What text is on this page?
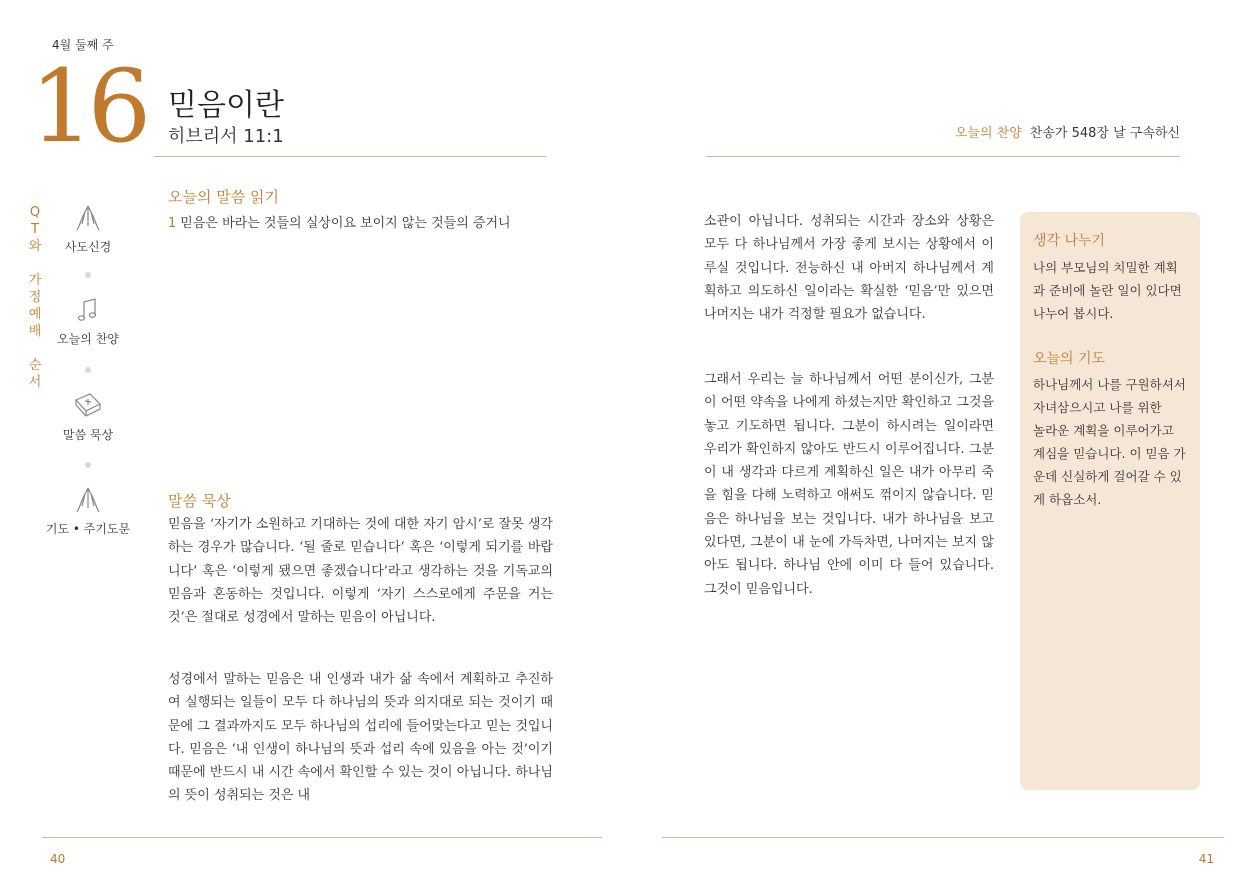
4월 둘째 주
16 믿음이란
히브리서 11:1	오늘의 찬양 찬송가 548장 날 구속하신
Q
T
와
가
정
예
배
순
서
사도신경
오늘의 찬양
말씀 묵상
기도 • 주기도문
오늘의 말씀 읽기
1 믿음은 바라는 것들의 실상이요 보이지 않는 것들의 증거니
말씀 묵상
믿음을 ‘자기가 소원하고 기대하는 것에 대한 자기 암시’로 잘못 생각하는 경우가 많습니다. ‘될 줄로 믿습니다’ 혹은 ‘이렇게 되기를 바랍니다’ 혹은 ‘이렇게 됐으면 좋겠습니다’라고 생각하는 것을 기독교의 믿음과 혼동하는 것입니다. 이렇게 ‘자기 스스로에게 주문을 거는 것’은 절대로 성경에서 말하는 믿음이 아닙니다.
성경에서 말하는 믿음은 내 인생과 내가 삶 속에서 계획하고 추진하여 실행되는 일들이 모두 다 하나님의 뜻과 의지대로 되는 것이기 때문에 그 결과까지도 모두 하나님의 섭리에 들어맞는다고 믿는 것입니다. 믿음은 ‘내 인생이 하나님의 뜻과 섭리 속에 있음을 아는 것’이기 때문에 반드시 내 시간 속에서 확인할 수 있는 것이 아닙니다. 하나님의 뜻이 성취되는 것은 내
소관이 아닙니다. 성취되는 시간과 장소와 상황은 모두 다 하나님께서 가장 좋게 보시는 상황에서 이루실 것입니다. 전능하신 내 아버지 하나님께서 계획하고 의도하신 일이라는 확실한 ‘믿음’만 있으면 나머지는 내가 걱정할 필요가 없습니다.
그래서 우리는 늘 하나님께서 어떤 분이신가, 그분이 어떤 약속을 나에게 하셨는지만 확인하고 그것을 놓고 기도하면 됩니다. 그분이 하시려는 일이라면 우리가 확인하지 않아도 반드시 이루어집니다. 그분이 내 생각과 다르게 계획하신 일은 내가 아무리 죽을 힘을 다해 노력하고 애써도 꺾이지 않습니다. 믿음은 하나님을 보는 것입니다. 내가 하나님을 보고 있다면, 그분이 내 눈에 가득차면, 나머지는 보지 않아도 됩니다. 하나님 안에 이미 다 들어 있습니다. 그것이 믿음입니다.
생각 나누기
나의 부모님의 치밀한 계획
과 준비에 놀란 일이 있다면
나누어 봅시다.
오늘의 기도
하나님께서 나를 구원하셔서
자녀삼으시고 나를 위한
놀라운 계획을 이루어가고
계심을 믿습니다. 이 믿음 가
운데 신실하게 걸어갈 수 있
게 하옵소서.
40	41
